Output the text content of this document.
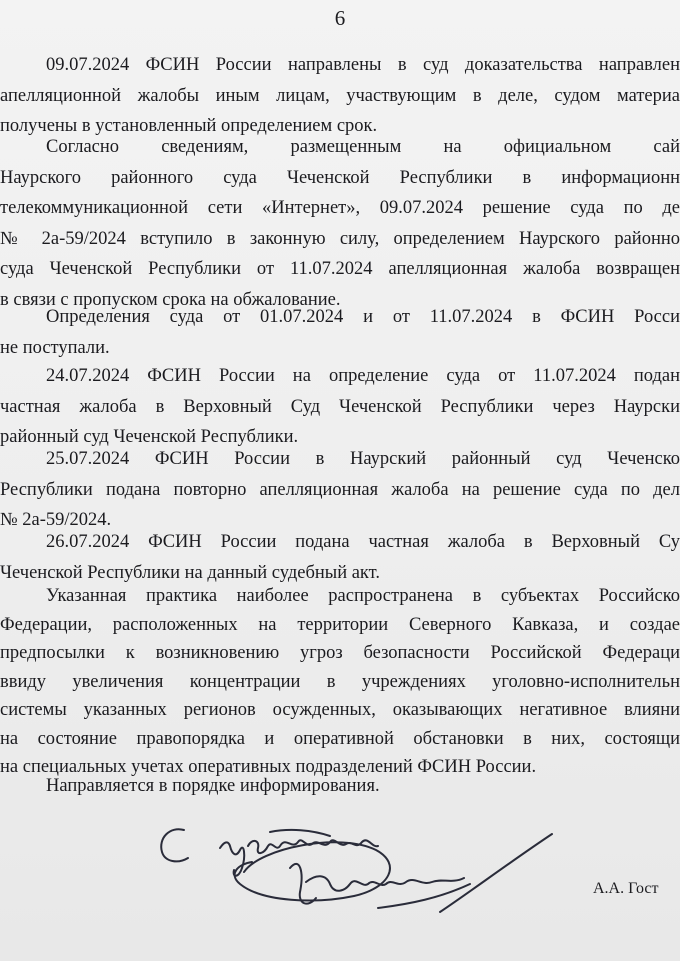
6
09.07.2024 ФСИН России направлены в суд доказательства направлен
апелляционной жалобы иным лицам, участвующим в деле, судом материа
получены в установленный определением срок.
Согласно сведениям, размещенным на официальном сай
Наурского районного суда Чеченской Республики в информационн
телекоммуникационной сети «Интернет», 09.07.2024 решение суда по де
№ 2а-59/2024 вступило в законную силу, определением Наурского районно
суда Чеченской Республики от 11.07.2024 апелляционная жалоба возвращен
в связи с пропуском срока на обжалование.
Определения суда от 01.07.2024 и от 11.07.2024 в ФСИН Росси
не поступали.
24.07.2024 ФСИН России на определение суда от 11.07.2024 подан
частная жалоба в Верховный Суд Чеченской Республики через Наурски
районный суд Чеченской Республики.
25.07.2024 ФСИН России в Наурский районный суд Чеченско
Республики подана повторно апелляционная жалоба на решение суда по дел
№ 2а-59/2024.
26.07.2024 ФСИН России подана частная жалоба в Верховный Су
Чеченской Республики на данный судебный акт.
Указанная практика наиболее распространена в субъектах Российско
Федерации, расположенных на территории Северного Кавказа, и создае
предпосылки к возникновению угроз безопасности Российской Федераци
ввиду увеличения концентрации в учреждениях уголовно-исполнительн
системы указанных регионов осужденных, оказывающих негативное влияни
на состояние правопорядка и оперативной обстановки в них, состоящи
на специальных учетах оперативных подразделений ФСИН России.
Направляется в порядке информирования.
А.А. Гост
